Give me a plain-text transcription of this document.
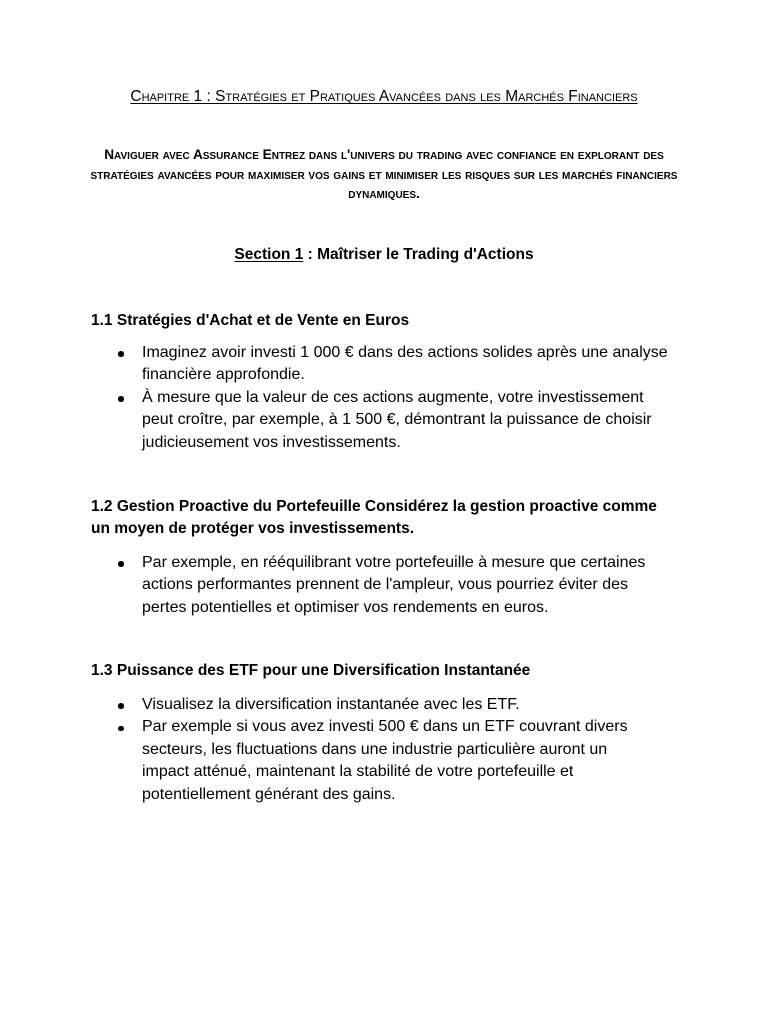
Chapitre 1 : Stratégies et Pratiques Avancées dans les Marchés Financiers
Naviguer avec Assurance Entrez dans l'univers du trading avec confiance en explorant des
stratégies avancées pour maximiser vos gains et minimiser les risques sur les marchés financiers
dynamiques.
Section 1 : Maîtriser le Trading d'Actions
1.1 Stratégies d'Achat et de Vente en Euros
Imaginez avoir investi 1 000 € dans des actions solides après une analyse
financière approfondie.
À mesure que la valeur de ces actions augmente, votre investissement
peut croître, par exemple, à 1 500 €, démontrant la puissance de choisir
judicieusement vos investissements.
1.2 Gestion Proactive du Portefeuille Considérez la gestion proactive comme
un moyen de protéger vos investissements.
Par exemple, en rééquilibrant votre portefeuille à mesure que certaines
actions performantes prennent de l'ampleur, vous pourriez éviter des
pertes potentielles et optimiser vos rendements en euros.
1.3 Puissance des ETF pour une Diversification Instantanée
Visualisez la diversification instantanée avec les ETF.
Par exemple si vous avez investi 500 € dans un ETF couvrant divers
secteurs, les fluctuations dans une industrie particulière auront un
impact atténué, maintenant la stabilité de votre portefeuille et
potentiellement générant des gains.
